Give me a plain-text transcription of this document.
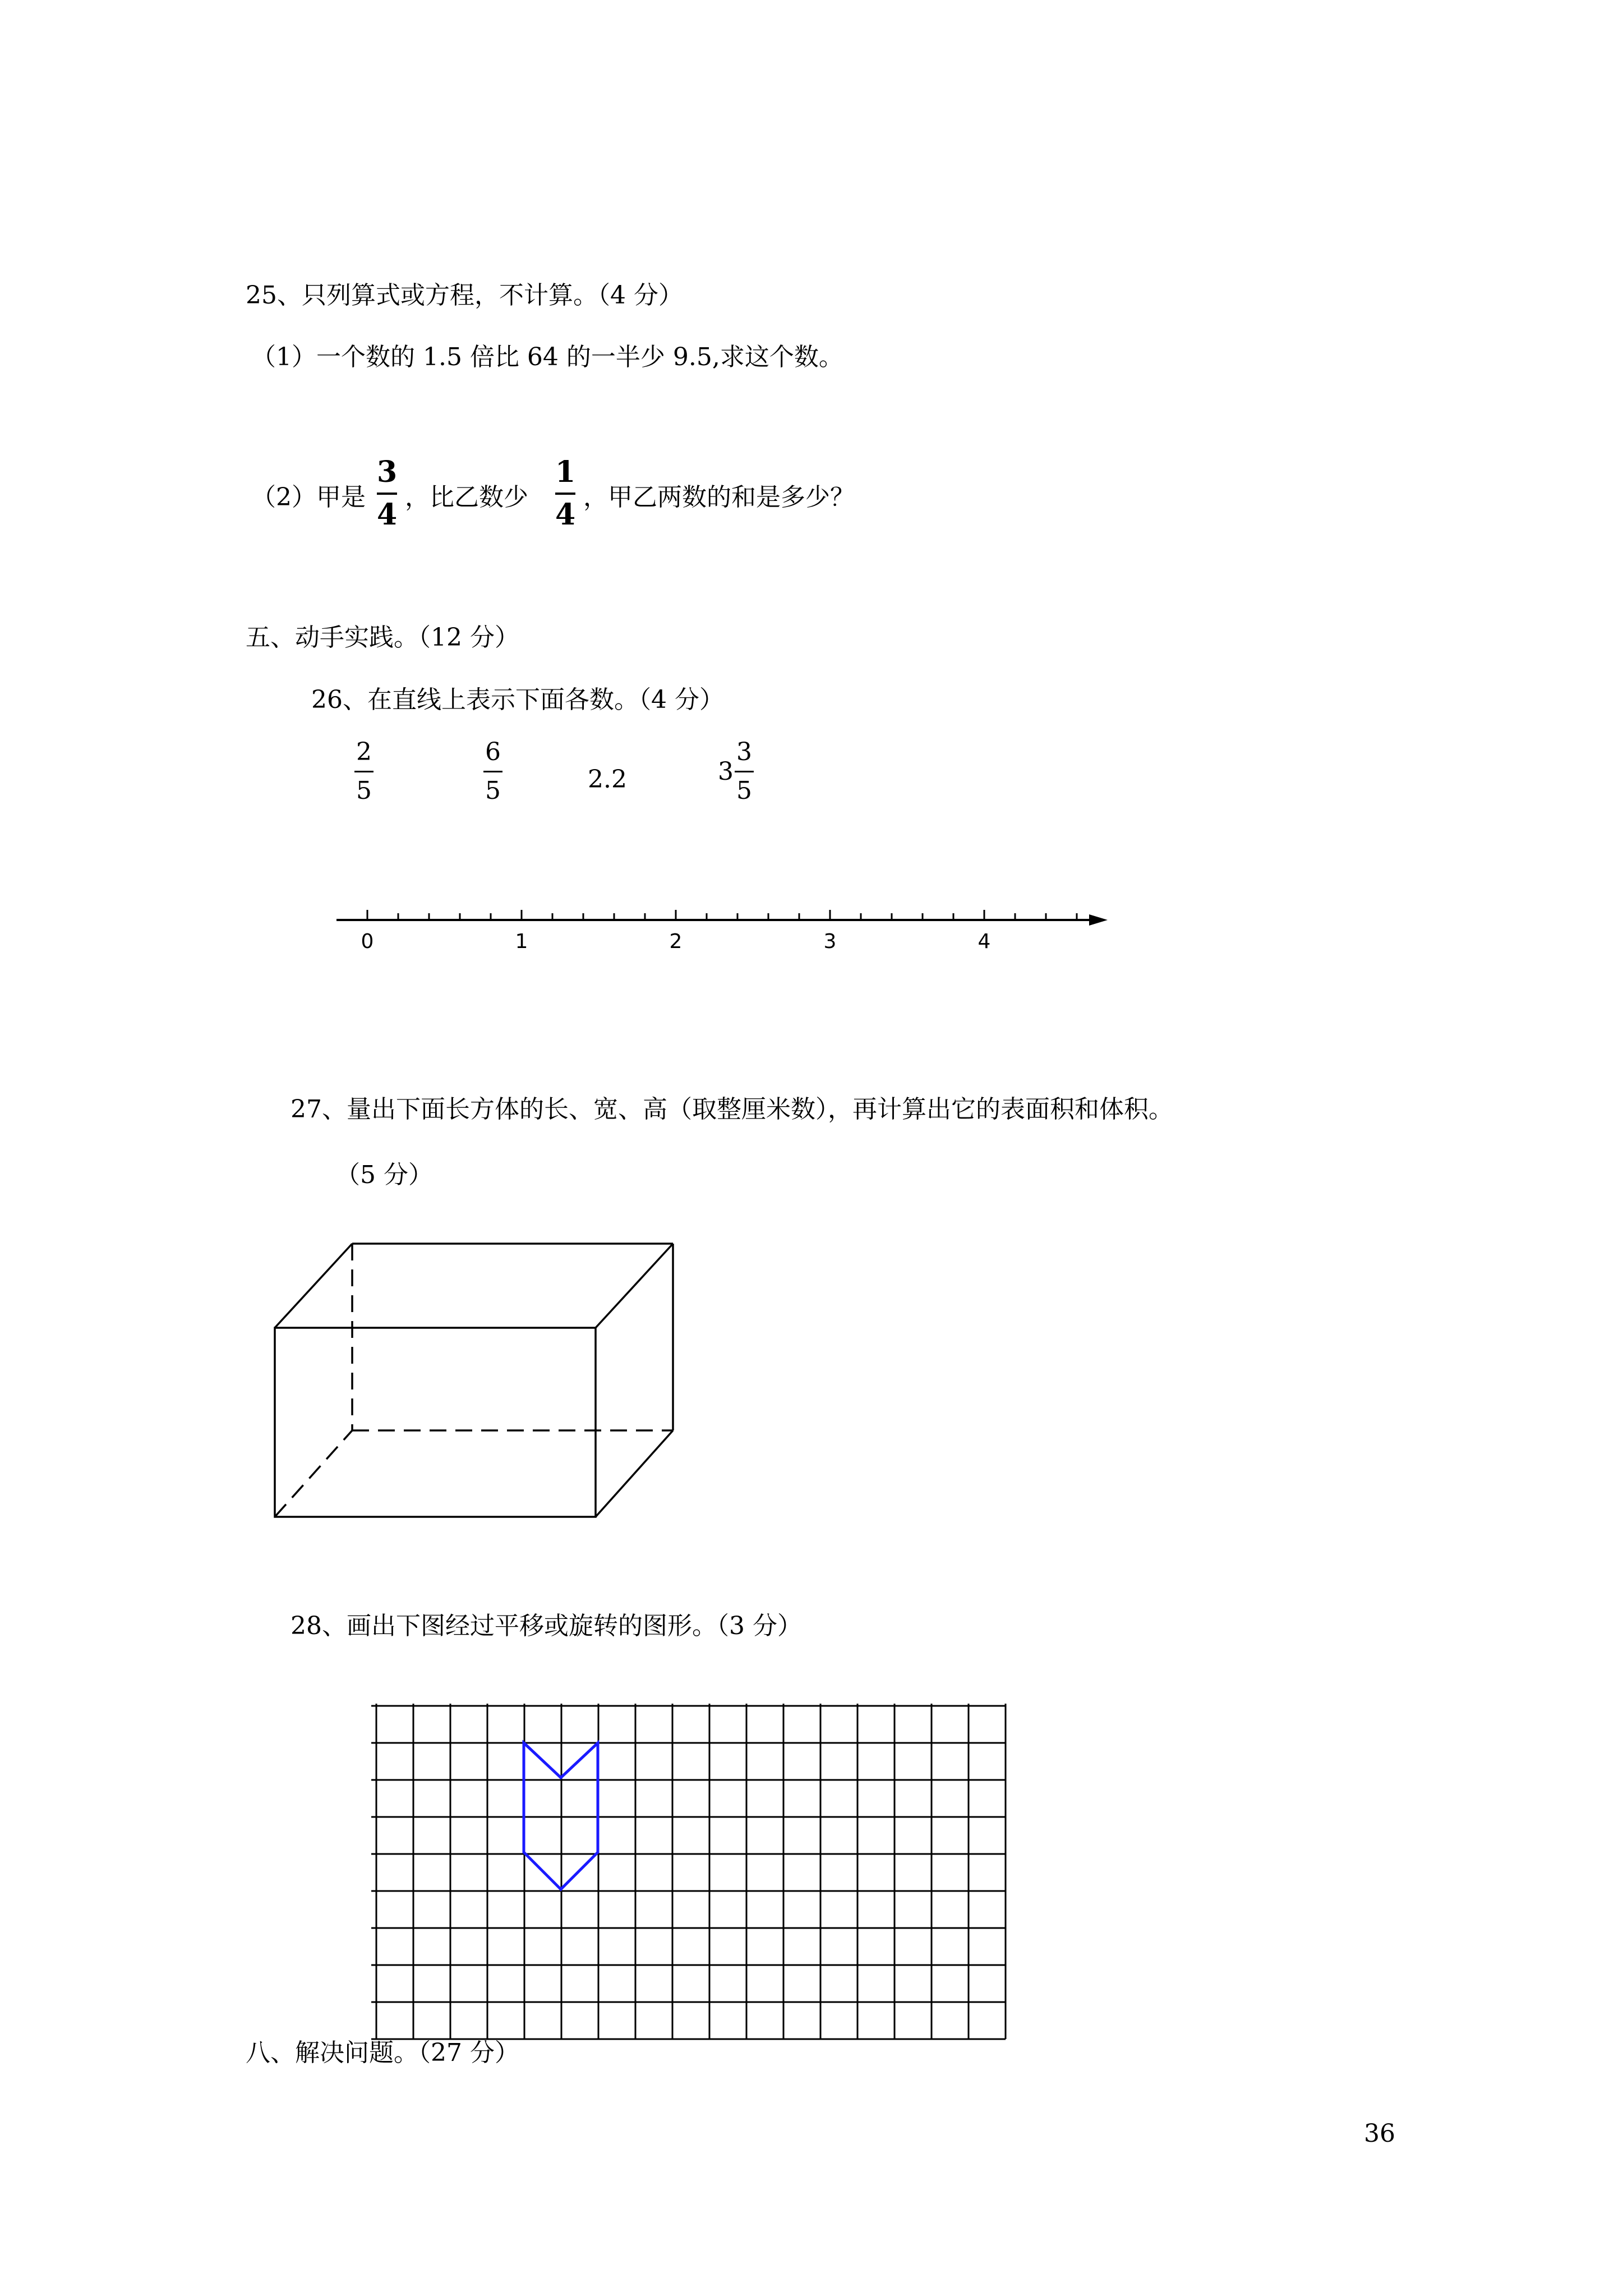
25、只列算式或方程，不计算。（4 分）

（1）一个数的 1.5 倍比 64 的一半少 9.5,求这个数。

（2）甲是

3
4

，比乙数少

1
4

，甲乙两数的和是多少？

五、动手实践。（12 分）

26、在直线上表示下面各数。（4 分）

2
5
6
5	2.2	$3 \frac{3}{5}$
0	1	2	3	4

27、量出下面长方体的长、宽、高（取整厘米数），再计算出它的表面积和体积。

（5 分）

28、画出下图经过平移或旋转的图形。（3 分）

八、解决问题。（27 分）

36
